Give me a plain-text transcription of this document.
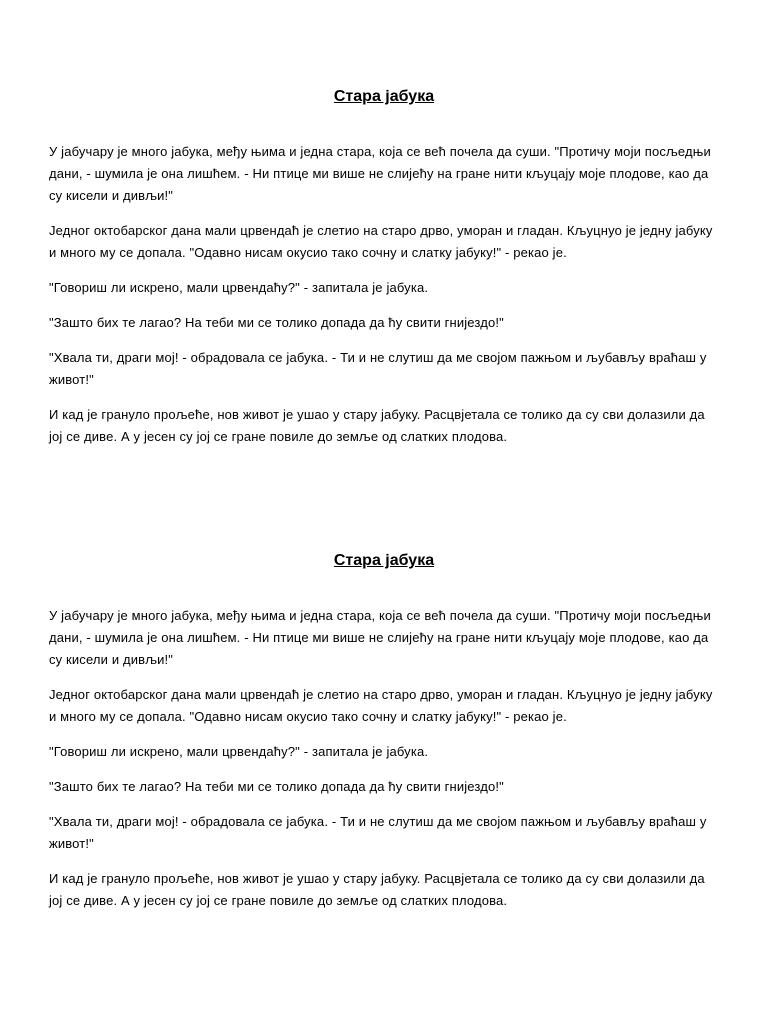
Стара јабука

У јабучару је много јабука, међу њима и једна стара, која се већ почела да суши. "Протичу моји посљедњи дани, - шумила је она лишћем. - Ни птице ми више не слијећу на гране нити кљуцају моје плодове, као да су кисели и дивљи!"

Једног октобарског дана мали црвендаћ је слетио на старо дрво, уморан и гладан. Кљуцнуо је једну јабуку и много му се допала. "Одавно нисам окусио тако сочну и слатку јабуку!" - рекао је.

"Говориш ли искрено, мали црвендаћу?" - запитала је јабука.

"Зашто бих те лагао? На теби ми се толико допада да ћу свити гнијездо!"

"Хвала ти, драги мој! - обрадовала се јабука. - Ти и не слутиш да ме својом пажњом и љубављу враћаш у живот!"

И кад је грануло прољеће, нов живот је ушао у стару јабуку. Расцвјетала се толико да су сви долазили да јој се диве. А у јесен су јој се гране повиле до земље од слатких плодова.

Стара јабука

У јабучару је много јабука, међу њима и једна стара, која се већ почела да суши. "Протичу моји посљедњи дани, - шумила је она лишћем. - Ни птице ми више не слијећу на гране нити кљуцају моје плодове, као да су кисели и дивљи!"

Једног октобарског дана мали црвендаћ је слетио на старо дрво, уморан и гладан. Кљуцнуо је једну јабуку и много му се допала. "Одавно нисам окусио тако сочну и слатку јабуку!" - рекао је.

"Говориш ли искрено, мали црвендаћу?" - запитала је јабука.

"Зашто бих те лагао? На теби ми се толико допада да ћу свити гнијездо!"

"Хвала ти, драги мој! - обрадовала се јабука. - Ти и не слутиш да ме својом пажњом и љубављу враћаш у живот!"

И кад је грануло прољеће, нов живот је ушао у стару јабуку. Расцвјетала се толико да су сви долазили да јој се диве. А у јесен су јој се гране повиле до земље од слатких плодова.
